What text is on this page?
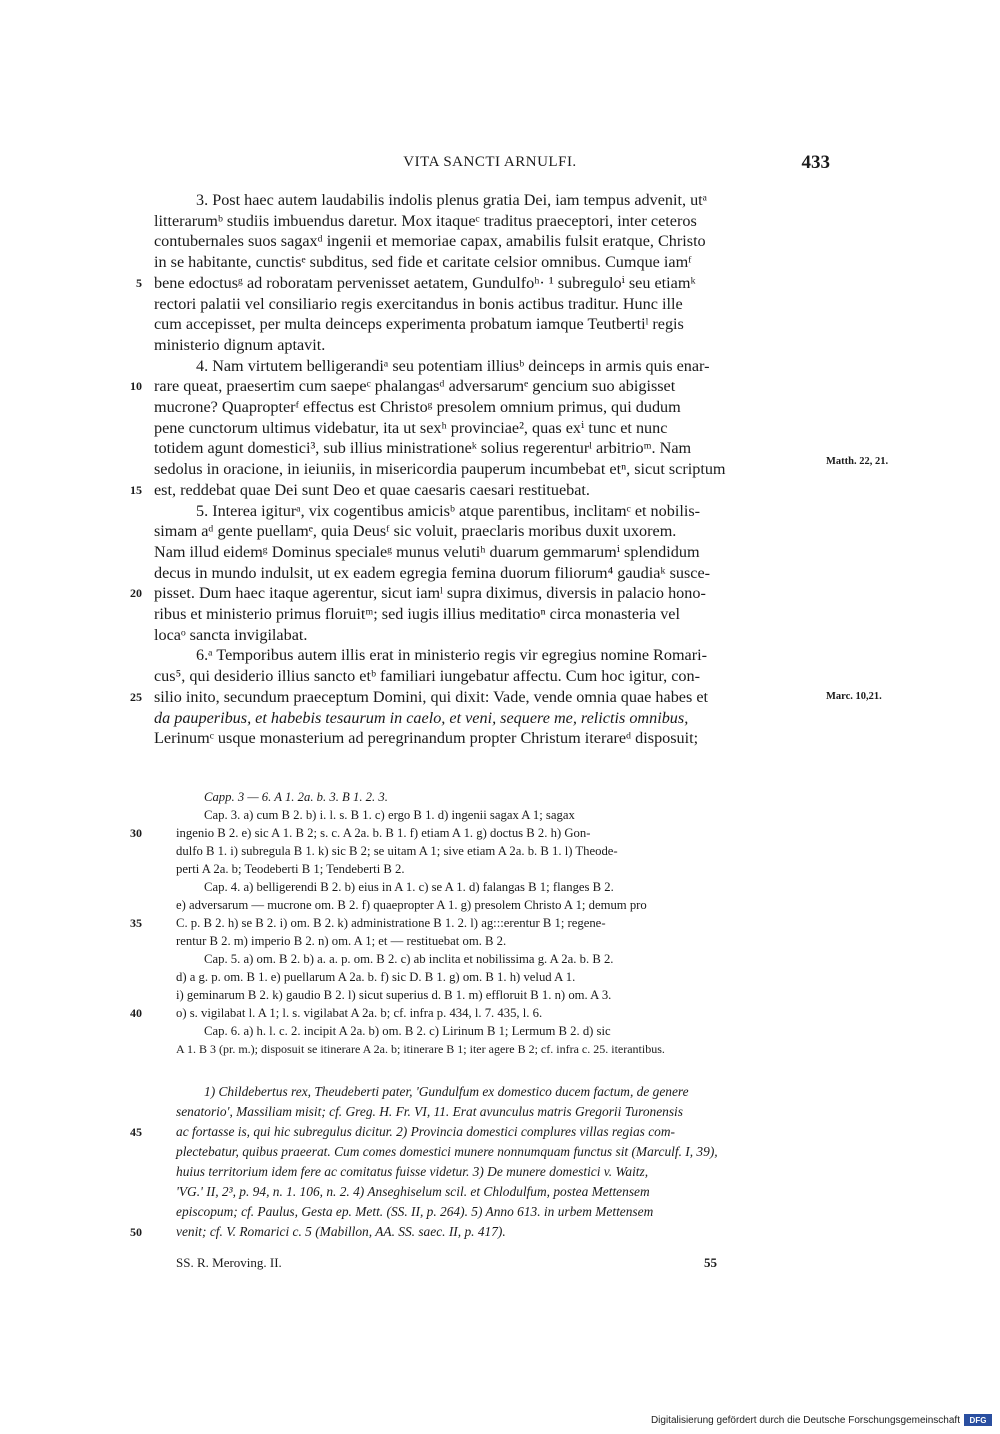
VITA SANCTI ARNULFI.	433
3. Post haec autem laudabilis indolis plenus gratia Dei, iam tempus advenit, utᵃ
litterarumᵇ studiis imbuendus daretur. Mox itaqueᶜ traditus praeceptori, inter ceteros
contubernales suos sagaxᵈ ingenii et memoriae capax, amabilis fulsit eratque, Christo
in se habitante, cunctisᵉ subditus, sed fide et caritate celsior omnibus. Cumque iamᶠ
5 bene edoctusᵍ ad roboratam pervenisset aetatem, Gundulfoʰ· ¹ subreguloⁱ seu etiamᵏ
rectori palatii vel consiliario regis exercitandus in bonis actibus traditur. Hunc ille
cum accepisset, per multa deinceps experimenta probatum iamque Teutbertiˡ regis
ministerio dignum aptavit.
4. Nam virtutem belligerandiᵃ seu potentiam illiusᵇ deinceps in armis quis enar-
10 rare queat, praesertim cum saepeᶜ phalangasᵈ adversarumᵉ gencium suo abigisset
mucrone? Quapropterᶠ effectus est Christoᵍ presolem omnium primus, qui dudum
pene cunctorum ultimus videbatur, ita ut sexʰ provinciae², quas exⁱ tunc et nunc
totidem agunt domestici³, sub illius ministrationeᵏ solius regerenturˡ arbitrioᵐ. Nam
sedolus in oracione, in ieiuniis, in misericordia pauperum incumbebat etⁿ, sicut scriptum	Matth. 22, 21.
15 est, reddebat quae Dei sunt Deo et quae caesaris caesari restituebat.
5. Interea igiturᵃ, vix cogentibus amicisᵇ atque parentibus, inclitamᶜ et nobilis-
simam aᵈ gente puellamᵉ, quia Deusᶠ sic voluit, praeclaris moribus duxit uxorem.
Nam illud eidemᵍ Dominus specialeᵍ munus velutiʰ duarum gemmarumⁱ splendidum
decus in mundo indulsit, ut ex eadem egregia femina duorum filiorum⁴ gaudiaᵏ susce-
20 pisset. Dum haec itaque agerentur, sicut iamˡ supra diximus, diversis in palacio hono-
ribus et ministerio primus floruitᵐ; sed iugis illius meditatioⁿ circa monasteria vel
locaᵒ sancta invigilabat.
6.ᵃ Temporibus autem illis erat in ministerio regis vir egregius nomine Romari-
cus⁵, qui desiderio illius sancto etᵇ familiari iungebatur affectu. Cum hoc igitur, con-
25 silio inito, secundum praeceptum Domini, qui dixit: Vade, vende omnia quae habes et	Marc. 10,21.
da pauperibus, et habebis tesaurum in caelo, et veni, sequere me, relictis omnibus,
Lerinumᶜ usque monasterium ad peregrinandum propter Christum iterareᵈ disposuit;
Capp. 3 — 6. A 1. 2a. b. 3. B 1. 2. 3.
Cap. 3. a) cum B 2. b) i. l. s. B 1. c) ergo B 1. d) ingenii sagax A 1; sagax
30	ingenio B 2. e) sic A 1. B 2; s. c. A 2a. b. B 1. f) etiam A 1. g) doctus B 2. h) Gon-
dulfo B 1. i) subregula B 1. k) sic B 2; se uitam A 1; sive etiam A 2a. b. B 1. l) Theode-
perti A 2a. b; Teodeberti B 1; Tendeberti B 2.
Cap. 4. a) belligerendi B 2. b) eius in A 1. c) se A 1. d) falangas B 1; flanges B 2.
e) adversarum — mucrone om. B 2. f) quaepropter A 1. g) presolem Christo A 1; demum pro
35	C. p. B 2. h) se B 2. i) om. B 2. k) administratione B 1. 2. l) ag:::erentur B 1; regene-
rentur B 2. m) imperio B 2. n) om. A 1; et — restituebat om. B 2.
Cap. 5. a) om. B 2. b) a. a. p. om. B 2. c) ab inclita et nobilissima g. A 2a. b. B 2.
d) a g. p. om. B 1. e) puellarum A 2a. b. f) sic D. B 1. g) om. B 1. h) velud A 1.
i) geminarum B 2. k) gaudio B 2. l) sicut superius d. B 1. m) effloruit B 1. n) om. A 3.
40	o) s. vigilabat l. A 1; l. s. vigilabat A 2a. b; cf. infra p. 434, l. 7. 435, l. 6.
Cap. 6. a) h. l. c. 2. incipit A 2a. b) om. B 2. c) Lirinum B 1; Lermum B 2. d) sic
A 1. B 3 (pr. m.); disposuit se itinerare A 2a. b; itinerare B 1; iter agere B 2; cf. infra c. 25. iterantibus.
1) Childebertus rex, Theudeberti pater, 'Gundulfum ex domestico ducem factum, de genere
senatorio', Massiliam misit; cf. Greg. H. Fr. VI, 11. Erat avunculus matris Gregorii Turonensis
45	ac fortasse is, qui hic subregulus dicitur. 2) Provincia domestici complures villas regias com-
plectebatur, quibus praeerat. Cum comes domestici munere nonnumquam functus sit (Marculf. I, 39),
huius territorium idem fere ac comitatus fuisse videtur. 3) De munere domestici v. Waitz,
'VG.' II, 2³, p. 94, n. 1. 106, n. 2. 4) Anseghiselum scil. et Chlodulfum, postea Mettensem
episcopum; cf. Paulus, Gesta ep. Mett. (SS. II, p. 264). 5) Anno 613. in urbem Mettensem
50	venit; cf. V. Romarici c. 5 (Mabillon, AA. SS. saec. II, p. 417).
SS. R. Meroving. II.	55
Digitalisierung gefördert durch die Deutsche Forschungsgemeinschaft	DFG
